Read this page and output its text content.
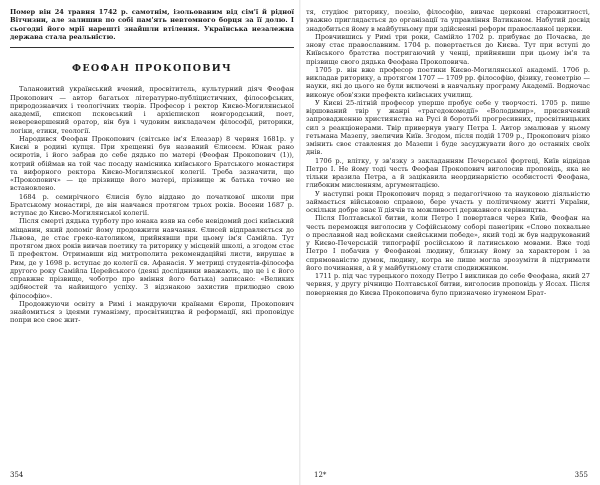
Помер він 24 травня 1742 р. самотнім, ізольованим від сім'ї й рідної Вітчизни, але залишив по собі пам'ять невтомного борця за її долю. І сьогодні його мрії нарешті знайшли втілення. Українська незалежна держава стала реальністю.

ФЕОФАН ПРОКОПОВИЧ

Талановитий український вчений, просвітитель, культурний діяч Феофан Прокопович — автор багатьох літературно-публіцистичних, філософських, природознавчих і теологічних творів. Професор і ректор Києво-Могилянської академії, єпископ псковський і архієпископ новгородський, поет, неверевершений оратор, він був і чудовим викладачем філософії, риторики, логіки, етики, теології.

Народився Феофан Прокопович (світське ім'я Елеазар) 8 червня 1681р. у Києві в родині купця. При хрещенні був названий Єлисеєм. Юнак рано осиротів, і його забрав до себе дядько по матері (Феофан Прокопович (1)), котрий обіймав на той час посаду намісника київського Братського монастиря та вифорного ректора Києво-Могилянської колегії. Треба зазначити, що «Прокопович» — це прізвище його матері, прізвище ж батька точно не встановлено.

1684 р. семирічного Єлисія було віддано до початкової школи при Братському монастирі, де він навчався протягом трьох років. Восени 1687 р. вступає до Києво-Могилянської колегії.

Після смерті дядька турботу про юнака взяв на себе невідомий досі київський міщанин, який допоміг йому продовжити навчання. Єлисей відправляється до Львова, де стає греко-католиком, прийнявши при цьому ім'я Самійла. Тут протягом двох років вивчав поетику та риторику у місцевій школі, а згодом стає її префектом. Отримавши від митрополита рекомендаційні листи, вирушає в Рим, де у 1698 р. вступає до колегії св. Афанасія. У метриці студентів-філософа другого року Самійла Церейського (деякі дослідники вважають, що це і є його справжнє прізвище, чоботро про вміння його батька) записано: «Великих здібностей та найвищого успіху. З відзнакою захистив прилюдно свою філософію».

Продовжуючи освіту в Римі і мандруючи країнами Європи, Прокопович знайомиться з ідеями гуманізму, просвітництва й реформації, які проповідує попри все своє жит-

354

тя, студіює риторику, поезію, філософію, вивчає церковні старожитності, уважно приглядається до організації та управління Ватиканом. Набутий досвід знадобиться йому в майбутньому при здійсненні реформ православної церкви.

Провчившись у Римі три роки, Самійло 1702 р. прибуває до Почаєва, де знову стає православним. 1704 р. повертається до Києва. Тут при вступі до Київського братства постригаючий у ченці, прийнявши при цьому ім'я та прізвище свого дядька Феофана Прокоповича.

1705 р. він вже професор поетики Києво-Могилянської академії. 1706 р. викладав риторику, а протягом 1707 — 1709 рр. філософію, фізику, геометрію — науки, які до цього не були включені в навчальну програму Академії. Водночас виконує обов'язки префекта київських училищ.

У Києві 25-літній професор уперше пробує себе у творчості. 1705 р. пише віршований твір у жанрі «трагедокомедії» «Володимир», присвячений запровадженню християнства на Русі й боротьбі прогресивних, просвітницьких сил з реакціонерами. Твір привернув увагу Петра І. Автор змалював у ньому гетьмана Мазепу, звеличив Київ. Згодом, після подій 1709 р., Прокопович різко змінить своє ставлення до Мазепи і буде засуджувати його до останніх своїх днів.

1706 р., влітку, у зв'язку з закладанням Печерської фортеці, Київ відвідав Петро І. Не йому тоді честь Феофан Прокопович виголосив проповідь, яка не тільки вразила Петра, а й зацікавила неординарністю особистості Феофана, глибоким мисленням, аргументацією.

У наступні роки Прокопович поряд з педагогічною та науковою діяльністю займається військовою справою, бере участь у політичному житті України, оскільки добре знає її діячів та можливості державного керівництва.

Після Полтавської битви, коли Петро І повертався через Київ, Феофан на честь переможця виголосив у Софійському соборі панегірик «Слово похвальне о преславной над войсками свейськими победе», який тоді ж був надрукований у Києво-Печерській типографії російською й латинською мовами. Вже тоді Петро І побачив у Феофанові людину, близьку йому за характером і за спрямованістю думок, людину, котра не лише могла зрозуміти й підтримати його починання, а й у майбутньому стати сподвижником.

1711 р. під час турецького походу Петро І викликав до себе Феофана, який 27 червня, у другу річницю Полтавської битви, виголосив проповідь у Яссах. Після повернення до Києва Прокоповича було призначено ігуменом Брат-

12*	355
